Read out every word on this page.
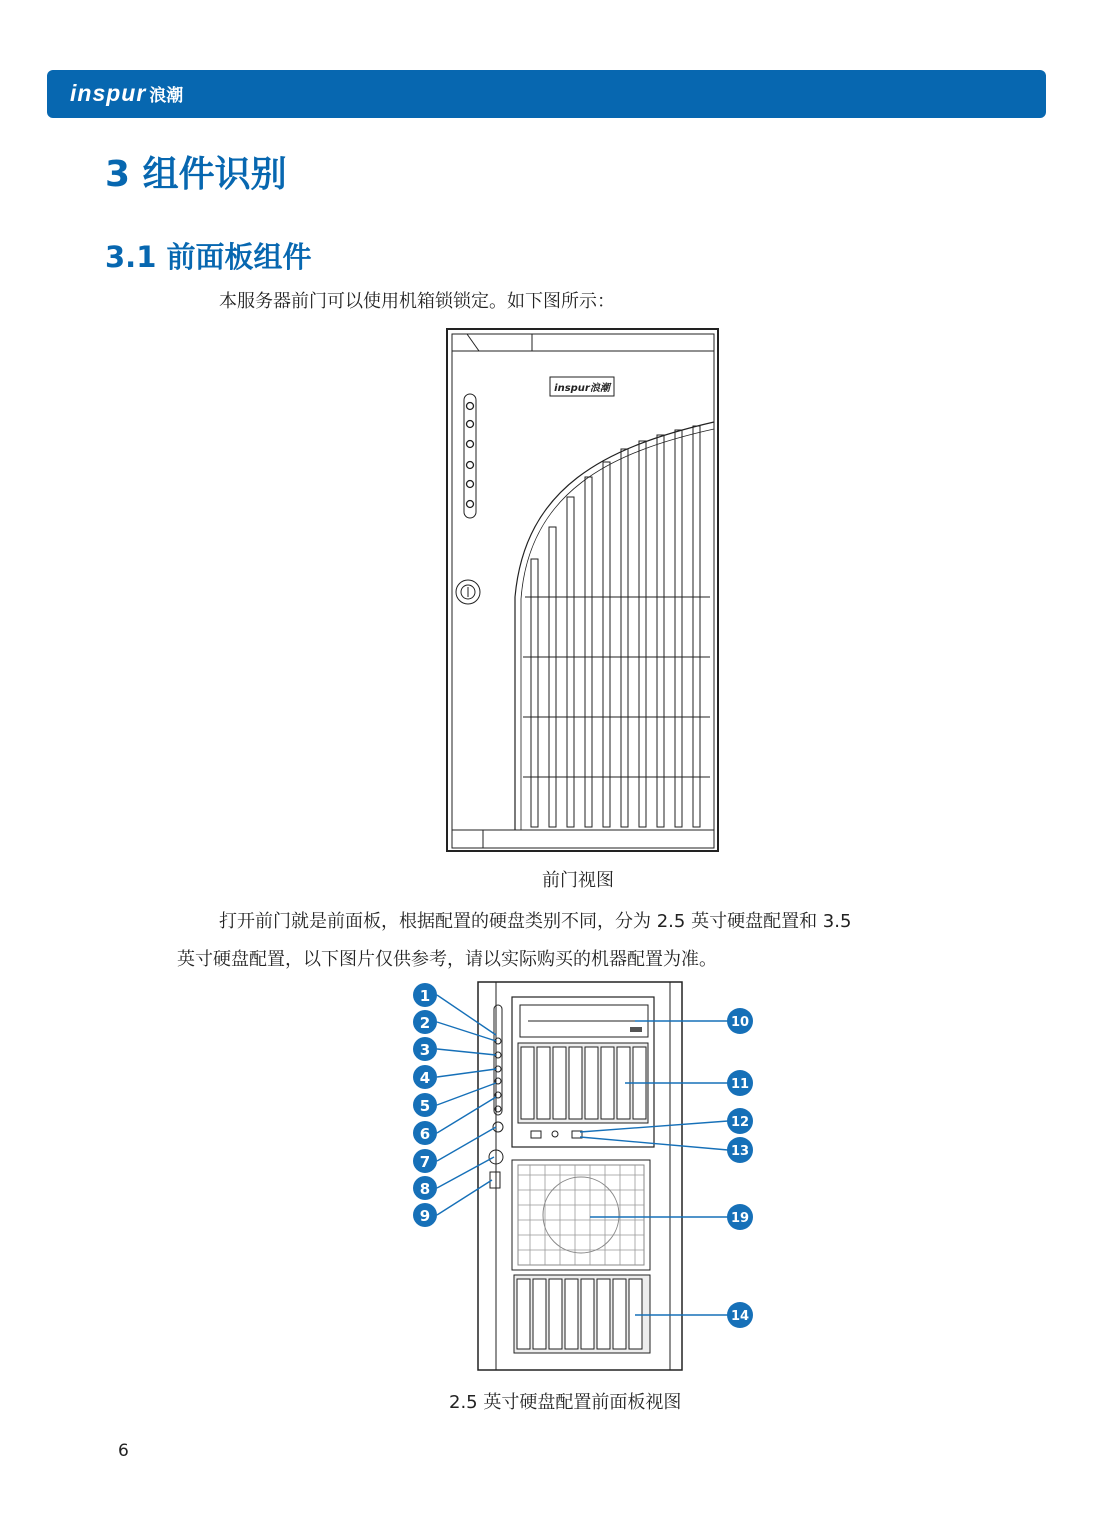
inspur 浪潮
3 组件识别
3.1 前面板组件
本服务器前门可以使用机箱锁锁定。如下图所示：
inspur浪潮
前门视图
打开前门就是前面板，根据配置的硬盘类别不同，分为 2.5 英寸硬盘配置和 3.5
英寸硬盘配置，以下图片仅供参考，请以实际购买的机器配置为准。
1
2
3
4
5
6
7
8
9
10
11
12
13
19
14
2.5 英寸硬盘配置前面板视图
6
